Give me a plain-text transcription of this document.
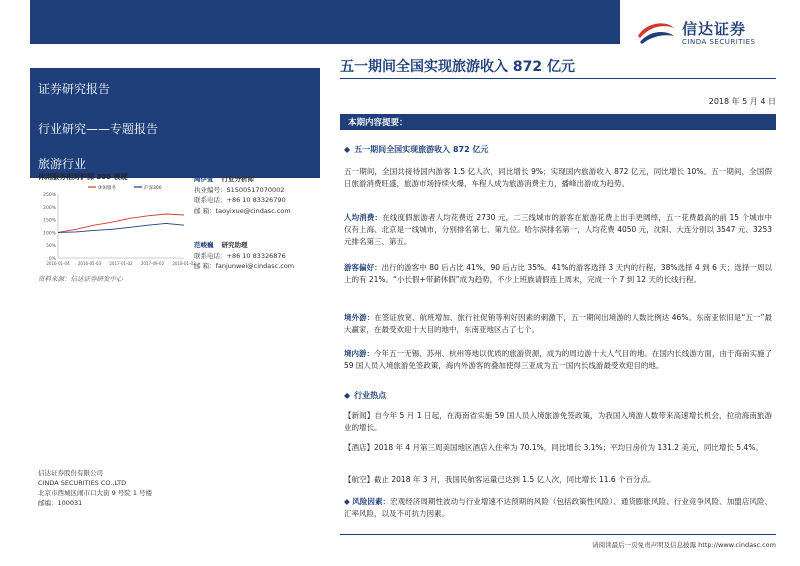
信达证券
CINDA SECURITIES
证券研究报告
行业研究——专题报告
旅游行业
休闲服务相对沪深 300 表现
0%
50%
100%
150%
200%
250%
2016-01-04 2016-05-03 2017-01-02 2017-09-02 2018-01-02
休闲服务	沪深300
资料来源：信达证券研发中心
陶伊萱 行业分析师
执业编号：S1500517070002
联系电话：+86 10 83326790
邮 箱：taoyixue@cindasc.com
范峻巍 研究助理
联系电话：+86 10 83326876
邮 箱：fanjunwei@cindasc.com
信达证券股份有限公司
CINDA SECURITIES CO.,LTD
北京市西城区闹市口大街 9 号院 1 号楼
邮编：100031
五一期间全国实现旅游收入 872 亿元
2018 年 5 月 4 日
本期内容提要：
◆ 五一期间全国实现旅游收入 872 亿元
五一期间，全国共接待国内游客 1.5 亿人次，同比增长 9%；实现国内旅游收入 872 亿元，同比增长 10%。五一期间，全国假日旅游消费旺盛，旅游市场持续火爆，车程人成为旅游消费主力，播峰出游成为趋势。
人均消费：在线度假旅游者人均花费近 2730 元，二三线城市的游客在旅游花费上出手更阔绰，五一花费最高的前 15 个城市中仅有上海、北京是一线城市，分别排名第七、第九位。哈尔滨排名第一，人均花费 4050 元，沈阳、大连分别以 3547 元、3253 元排名第三、第五。
游客偏好：出行的游客中 80 后占比 41%，90 后占比 35%。41%的游客选择 3 天内的行程，38%选择 4 到 6 天；选择一周以上的有 21%。“小长假+带薪休假”成为趋势，不少上班族请假连上周末，完成一个 7 到 12 天的长线行程。
境外游：在签证放宽、航班增加、旅行社促销等利好因素的刺激下，五一期间出境游的人数比例达 46%。东南亚依旧是“五一”最大赢家，在最受欢迎十大目的地中，东南亚地区占了七个。
境内游：今年五一无锡、苏州、杭州等地以优质的旅游资源，成为的周边游十大人气目的地。在国内长线游方面，由于海南实施了 59 国人员入境旅游免签政策，海内外游客的叠加使得三亚成为五一国内长线游最受欢迎目的地。
◆ 行业热点
【新闻】自今年 5 月 1 日起，在海南省实施 59 国人员入境旅游免签政策，为我国入境游人数带来高速增长机会，拉动海南旅游业的增长。
【酒店】2018 年 4 月第三周美国地区酒店入住率为 70.1%，同比增长 3.1%；平均日房价为 131.2 美元，同比增长 5.4%。
【航空】截止 2018 年 3 月，我国民航客运量已达到 1.5 亿人次，同比增长 11.6 个百分点。
◆ 风险因素：宏观经济周期性波动与行业增速不达预期的风险（包括政策性风险）、通货膨胀风险、行业竞争风险、加盟店风险、汇率风险，以及不可抗力因素。
请阅读最后一页免责声明及信息披露 http://www.cindasc.com
